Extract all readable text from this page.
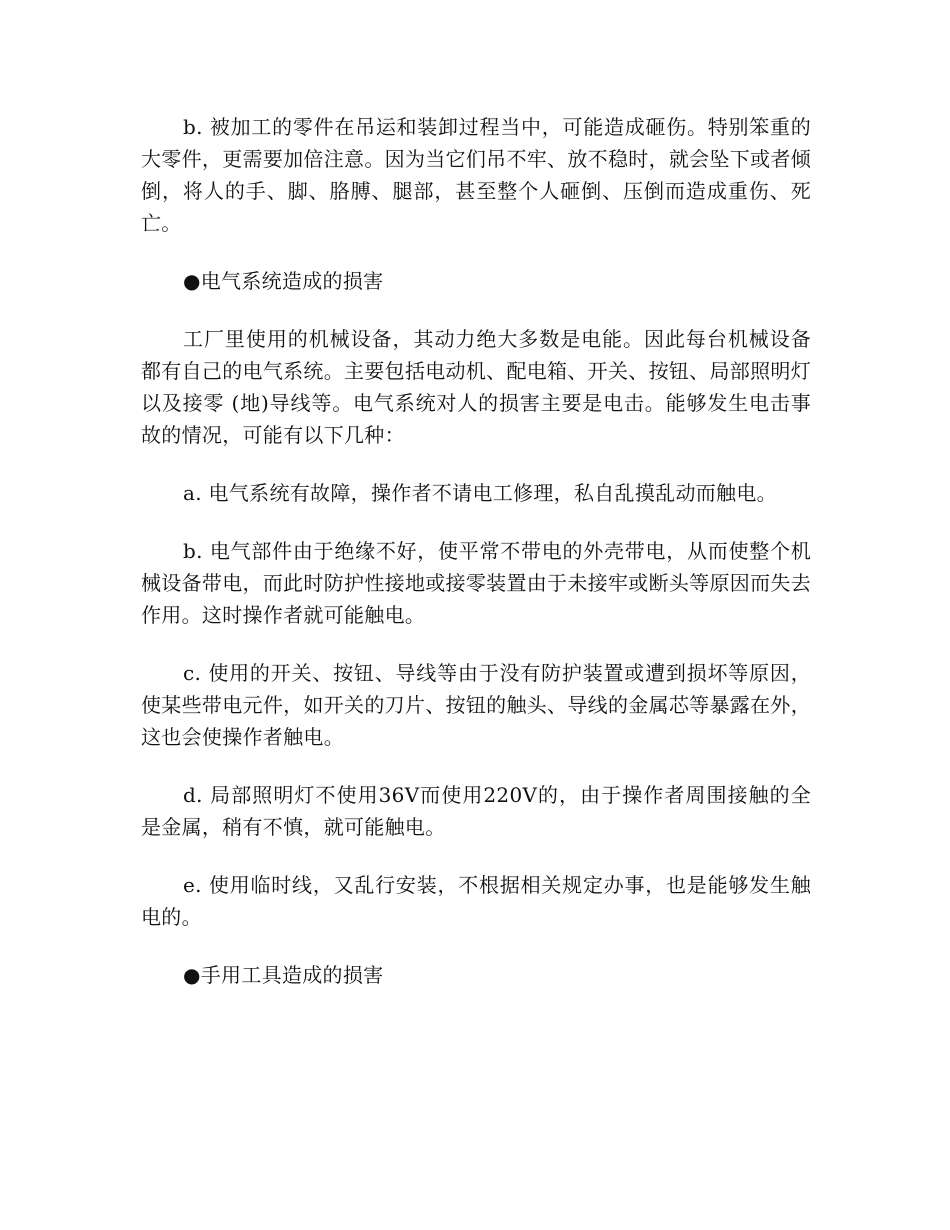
b. 被加工的零件在吊运和装卸过程当中，可能造成砸伤。特别笨重的大零件，更需要加倍注意。因为当它们吊不牢、放不稳时，就会坠下或者倾倒，将人的手、脚、胳膊、腿部，甚至整个人砸倒、压倒而造成重伤、死亡。

●电气系统造成的损害

工厂里使用的机械设备，其动力绝大多数是电能。因此每台机械设备都有自己的电气系统。主要包括电动机、配电箱、开关、按钮、局部照明灯以及接零 (地)导线等。电气系统对人的损害主要是电击。能够发生电击事故的情况，可能有以下几种：

a. 电气系统有故障，操作者不请电工修理，私自乱摸乱动而触电。

b. 电气部件由于绝缘不好，使平常不带电的外壳带电，从而使整个机械设备带电，而此时防护性接地或接零装置由于未接牢或断头等原因而失去作用。这时操作者就可能触电。

c. 使用的开关、按钮、导线等由于没有防护装置或遭到损坏等原因，使某些带电元件，如开关的刀片、按钮的触头、导线的金属芯等暴露在外，这也会使操作者触电。

d. 局部照明灯不使用36V而使用220V的，由于操作者周围接触的全是金属，稍有不慎，就可能触电。

e. 使用临时线，又乱行安装，不根据相关规定办事，也是能够发生触电的。

●手用工具造成的损害
